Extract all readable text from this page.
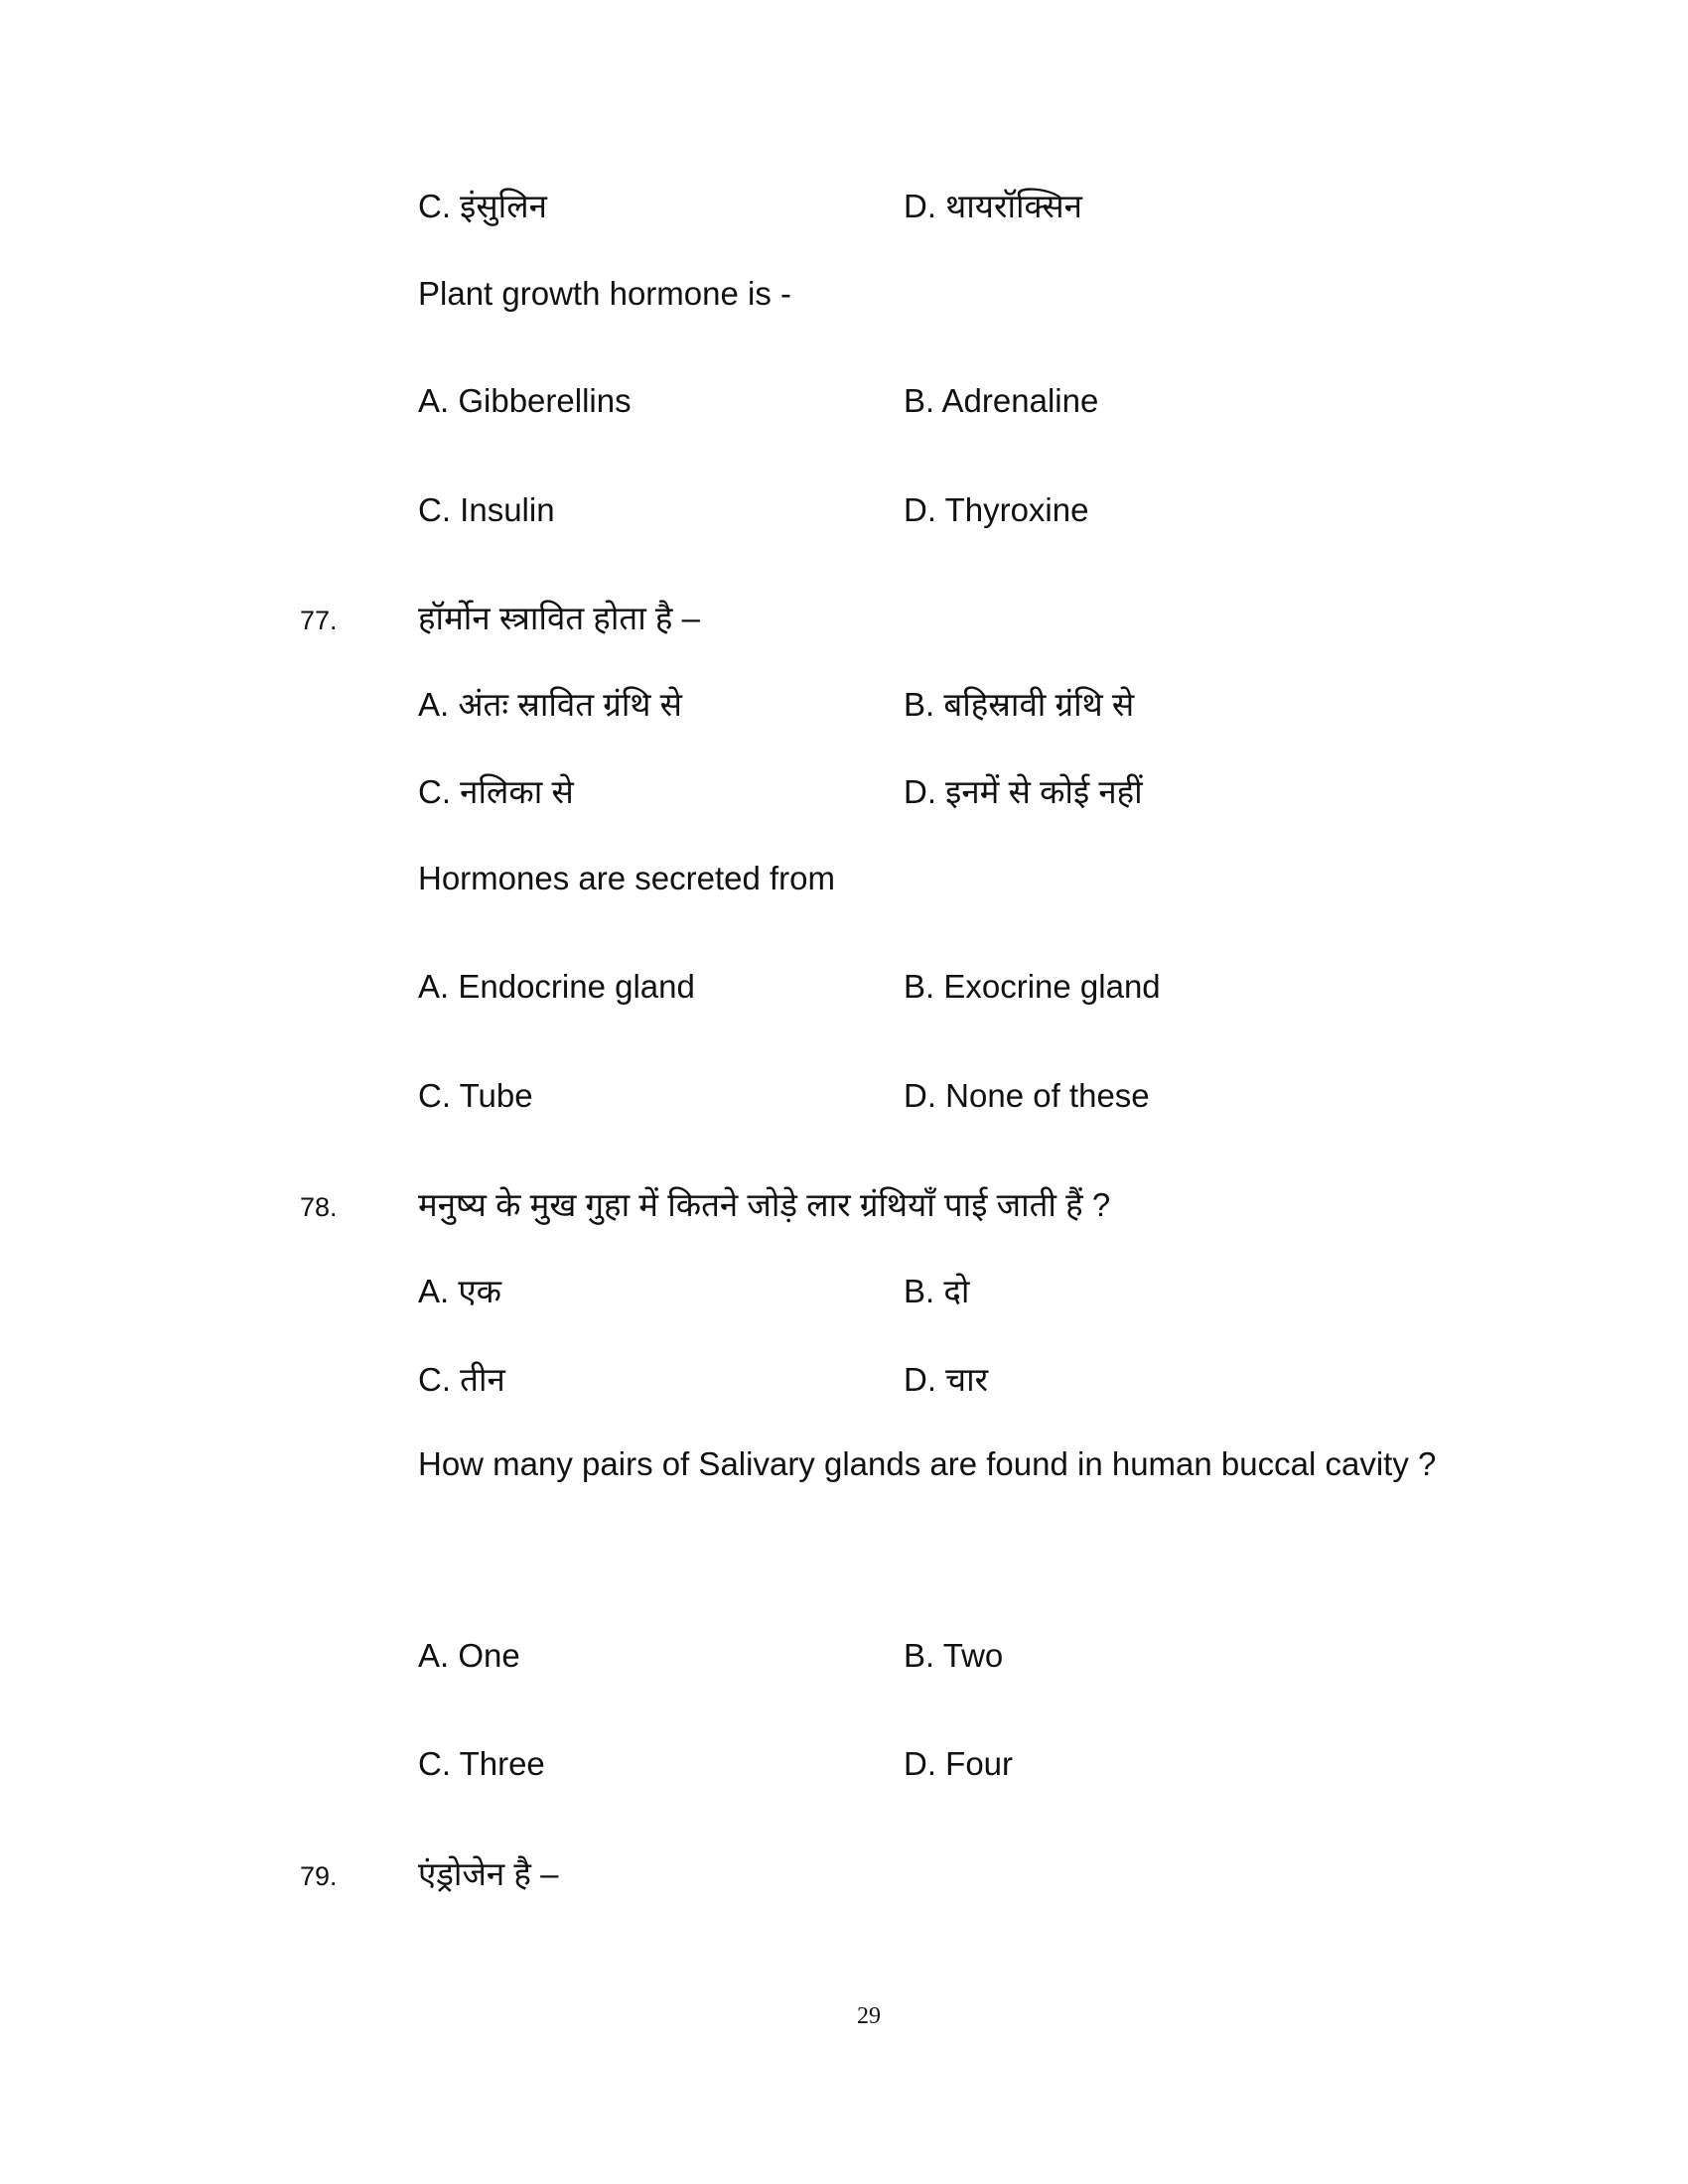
C. इंसुलिन	D. थायरॉक्सिन
Plant growth hormone is -
A. Gibberellins	B. Adrenaline
C. Insulin	D. Thyroxine
77. हॉर्मोन स्त्रावित होता है –
A. अंतः स्रावित ग्रंथि से	B. बहिस्रावी ग्रंथि से
C. नलिका से	D. इनमें से कोई नहीं
Hormones are secreted from
A. Endocrine gland	B. Exocrine gland
C. Tube	D. None of these
78. मनुष्य के मुख गुहा में कितने जोड़े लार ग्रंथियाँ पाई जाती हैं ?
A. एक	B. दो
C. तीन	D. चार
How many pairs of Salivary glands are found in human buccal cavity ?
A. One	B. Two
C. Three	D. Four
79. एंड्रोजेन है –
29
